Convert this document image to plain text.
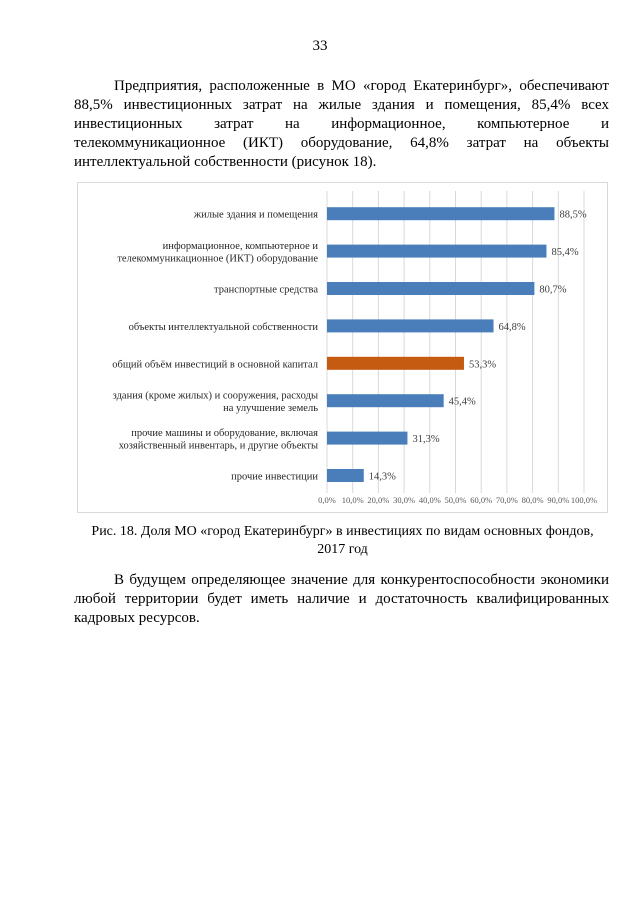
33

Предприятия, расположенные в МО «город Екатеринбург», обеспечивают 88,5% инвестиционных затрат на жилые здания и помещения, 85,4% всех инвестиционных затрат на информационное, компьютерное и телекоммуникационное (ИКТ) оборудование, 64,8% затрат на объекты интеллектуальной собственности (рисунок 18).

0,0% 10,0% 20,0% 30,0% 40,0% 50,0% 60,0% 70,0% 80,0% 90,0% 100,0%
88,5%
жилые здания и помещения
85,4%
информационное, компьютерное и
телекоммуникационное (ИКТ) оборудование
80,7%
транспортные средства
64,8%
объекты интеллектуальной собственности
53,3%
общий объём инвестиций в основной капитал
45,4%
здания (кроме жилых) и сооружения, расходы
на улучшение земель
31,3%
прочие машины и оборудование, включая
хозяйственный инвентарь, и другие объекты
14,3%
прочие инвестиции
Рис. 18. Доля МО «город Екатеринбург» в инвестициях по видам основных фондов,
2017 год

В будущем определяющее значение для конкурентоспособности экономики любой территории будет иметь наличие и достаточность квалифицированных кадровых ресурсов.
